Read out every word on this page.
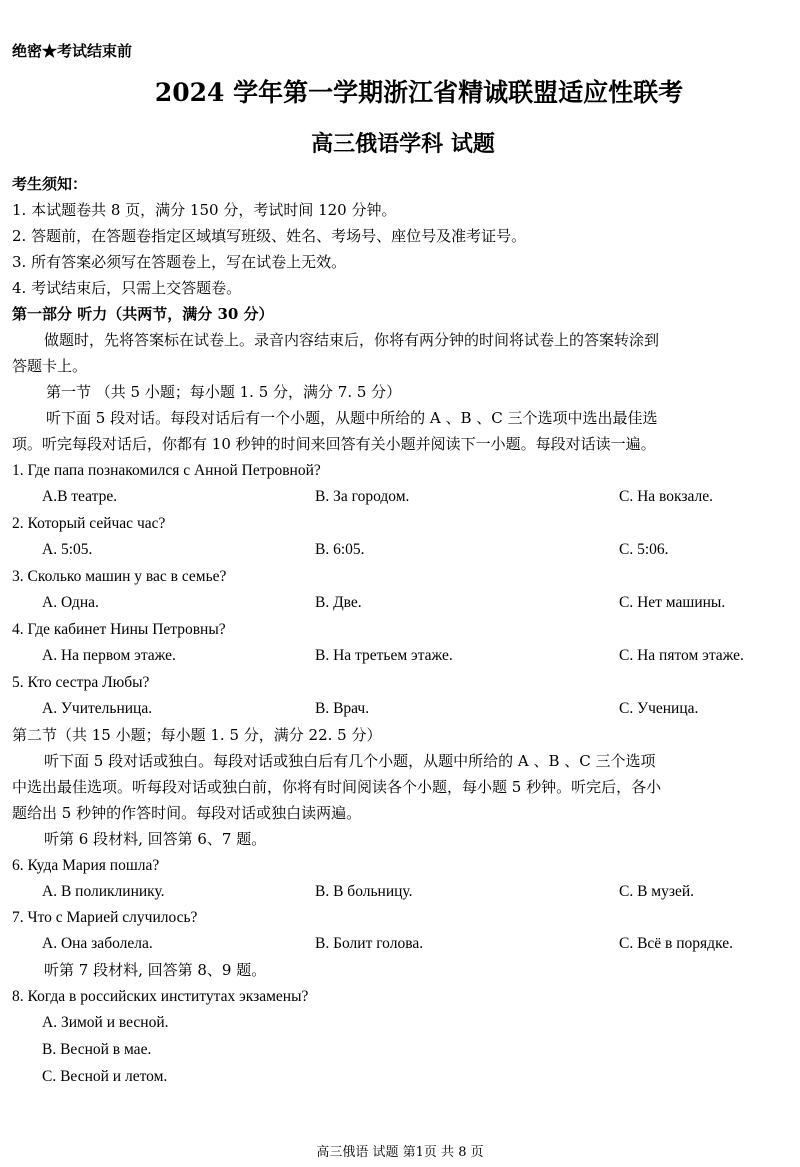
绝密★考试结束前
2024 学年第一学期浙江省精诚联盟适应性联考
高三俄语学科 试题
考生须知：
1. 本试题卷共 8 页，满分 150 分，考试时间 120 分钟。
2. 答题前，在答题卷指定区域填写班级、姓名、考场号、座位号及准考证号。
3. 所有答案必须写在答题卷上，写在试卷上无效。
4. 考试结束后，只需上交答题卷。
第一部分 听力（共两节，满分 30 分）
做题时，先将答案标在试卷上。录音内容结束后，你将有两分钟的时间将试卷上的答案转涂到
答题卡上。
第一节 （共 5 小题；每小题 1. 5 分，满分 7. 5 分）
听下面 5 段对话。每段对话后有一个小题，从题中所给的 A 、B 、C 三个选项中选出最佳选
项。听完每段对话后，你都有 10 秒钟的时间来回答有关小题并阅读下一小题。每段对话读一遍。
1. Где папа познакомился с Анной Петровной?
A.В театре.	B. За городом.	C. На вокзале.
2. Который сейчас час?
A. 5:05.	B. 6:05.	C. 5:06.
3. Сколько машин у вас в семье?
A. Одна.	B. Две.	C. Нет машины.
4. Где кабинет Нины Петровны?
A. На первом этаже.	B. На третьем этаже.	C. На пятом этаже.
5. Кто сестра Любы?
A. Учительница.	B. Врач.	C. Ученица.
第二节（共 15 小题；每小题 1. 5 分，满分 22. 5 分）
听下面 5 段对话或独白。每段对话或独白后有几个小题，从题中所给的 A 、B 、C 三个选项
中选出最佳选项。听每段对话或独白前，你将有时间阅读各个小题，每小题 5 秒钟。听完后，各小
题给出 5 秒钟的作答时间。每段对话或独白读两遍。
听第 6 段材料, 回答第 6、7 题。
6. Куда Мария пошла?
A. В поликлинику.	B. В больницу.	C. В музей.
7. Что с Марией случилось?
A. Она заболела.	B. Болит голова.	C. Всё в порядке.
听第 7 段材料, 回答第 8、9 题。
8. Когда в российских институтах экзамены?
A. Зимой и весной.
B. Весной в мае.
C. Весной и летом.
高三俄语 试题 第1页 共 8 页
